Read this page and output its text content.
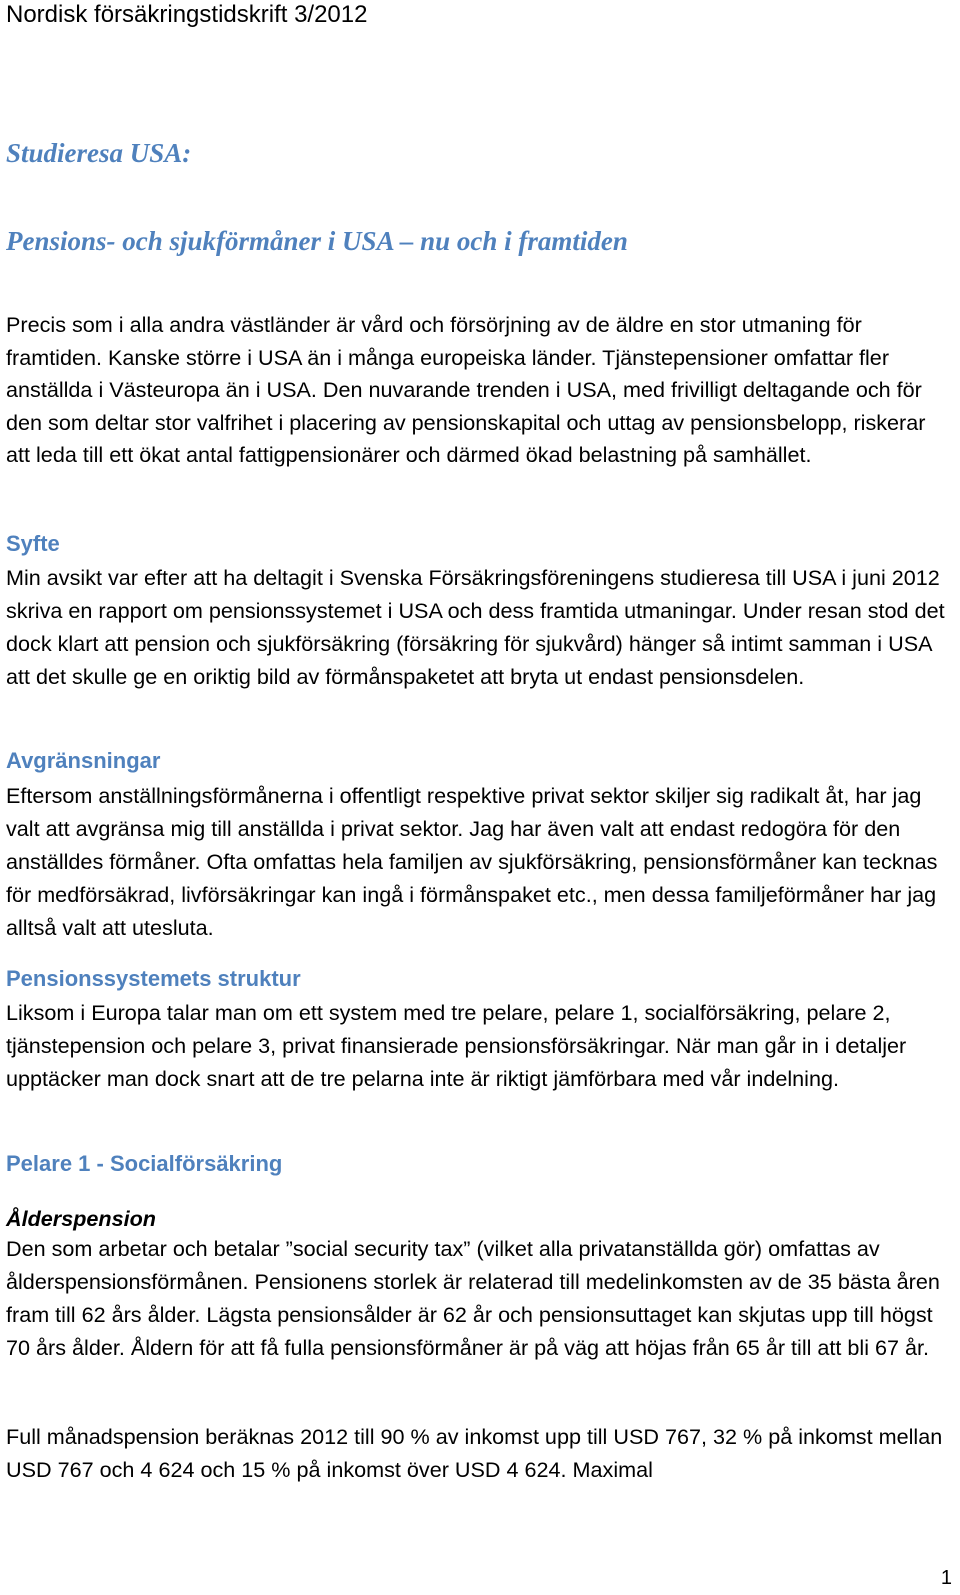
Nordisk försäkringstidskrift 3/2012
Studieresa USA:
Pensions- och sjukförmåner i USA – nu och i framtiden

Precis som i alla andra västländer är vård och försörjning av de äldre en stor utmaning för framtiden. Kanske större i USA än i många europeiska länder. Tjänstepensioner omfattar fler anställda i Västeuropa än i USA. Den nuvarande trenden i USA, med frivilligt deltagande och för den som deltar stor valfrihet i placering av pensionskapital och uttag av pensionsbelopp, riskerar att leda till ett ökat antal fattigpensionärer och därmed ökad belastning på samhället.

Syfte

Min avsikt var efter att ha deltagit i Svenska Försäkringsföreningens studieresa till USA i juni 2012 skriva en rapport om pensionssystemet i USA och dess framtida utmaningar. Under resan stod det dock klart att pension och sjukförsäkring (försäkring för sjukvård) hänger så intimt samman i USA att det skulle ge en oriktig bild av förmånspaketet att bryta ut endast pensionsdelen.

Avgränsningar

Eftersom anställningsförmånerna i offentligt respektive privat sektor skiljer sig radikalt åt, har jag valt att avgränsa mig till anställda i privat sektor. Jag har även valt att endast redogöra för den anställdes förmåner. Ofta omfattas hela familjen av sjukförsäkring, pensionsförmåner kan tecknas för medförsäkrad, livförsäkringar kan ingå i förmånspaket etc., men dessa familjeförmåner har jag alltså valt att utesluta.

Pensionssystemets struktur

Liksom i Europa talar man om ett system med tre pelare, pelare 1, socialförsäkring, pelare 2, tjänstepension och pelare 3, privat finansierade pensionsförsäkringar. När man går in i detaljer upptäcker man dock snart att de tre pelarna inte är riktigt jämförbara med vår indelning.

Pelare 1 - Socialförsäkring

Ålderspension

Den som arbetar och betalar ”social security tax” (vilket alla privatanställda gör) omfattas av ålderspensionsförmånen. Pensionens storlek är relaterad till medelinkomsten av de 35 bästa åren fram till 62 års ålder. Lägsta pensionsålder är 62 år och pensionsuttaget kan skjutas upp till högst 70 års ålder. Åldern för att få fulla pensionsförmåner är på väg att höjas från 65 år till att bli 67 år.

Full månadspension beräknas 2012 till 90 % av inkomst upp till USD 767, 32 % på inkomst mellan USD 767 och 4 624 och 15 % på inkomst över USD 4 624. Maximal

1
